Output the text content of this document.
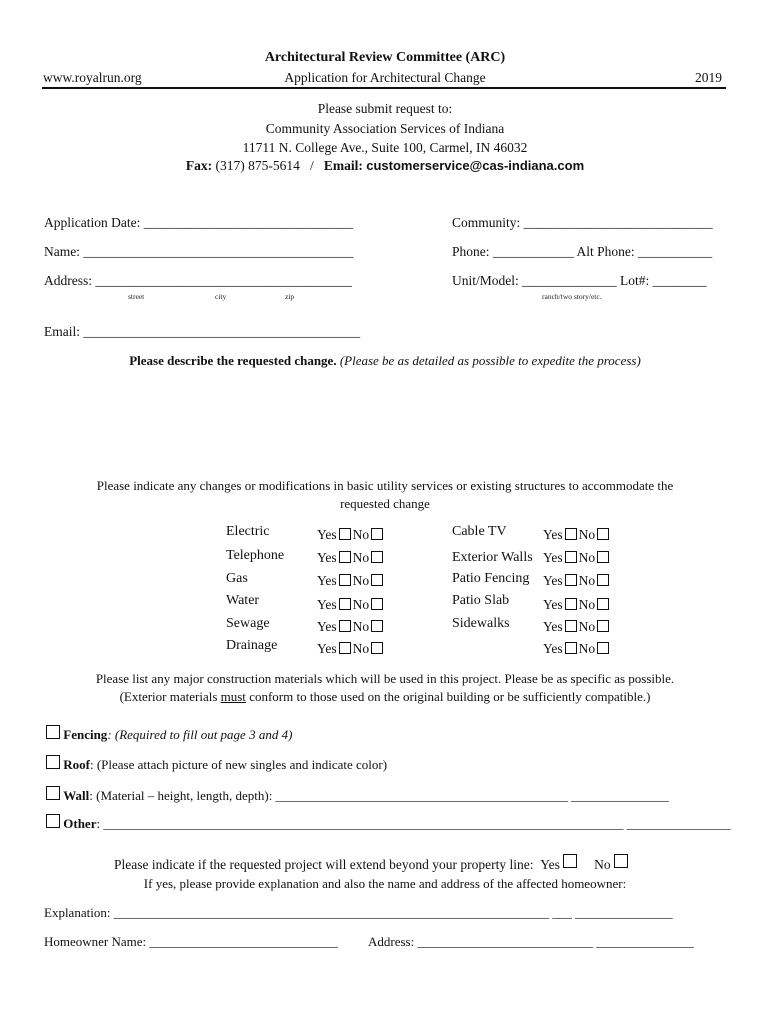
Architectural Review Committee (ARC)
www.royalrun.org	Application for Architectural Change	2019
Please submit request to:
Community Association Services of Indiana
11711 N. College Ave., Suite 100, Carmel, IN 46032
Fax: (317) 875-5614 / Email: customerservice@cas-indiana.com
Application Date: _______________________________	Community: ____________________________
Name: ________________________________________	Phone: ____________ Alt Phone: ___________
Address: ______________________________________	Unit/Model: ______________ Lot#: ________
street	city	zip	ranch/two story/etc.
Email: _________________________________________
Please describe the requested change. (Please be as detailed as possible to expedite the process)
Please indicate any changes or modifications in basic utility services or existing structures to accommodate the
requested change
Electric	Yes No	Cable TV	Yes No
Telephone Yes No	Exterior Walls Yes No
Gas	Yes No	Patio Fencing Yes No
Water	Yes No	Patio Slab	Yes No
Sewage	Yes No	Sidewalks Yes No
Drainage	Yes No	Yes No
Please list any major construction materials which will be used in this project. Please be as specific as possible.
(Exterior materials must conform to those used on the original building or be sufficiently compatible.)
Fencing: (Required to fill out page 3 and 4)
Roof: (Please attach picture of new singles and indicate color)
Wall: (Material – height, length, depth): _____________________________________________ _______________
Other: ________________________________________________________________________________ ________________
Please indicate if the requested project will extend beyond your property line: Yes	No
If yes, please provide explanation and also the name and address of the affected homeowner:
Explanation: ___________________________________________________________________ ___ _______________
Homeowner Name: _____________________________ Address: ___________________________ _______________
